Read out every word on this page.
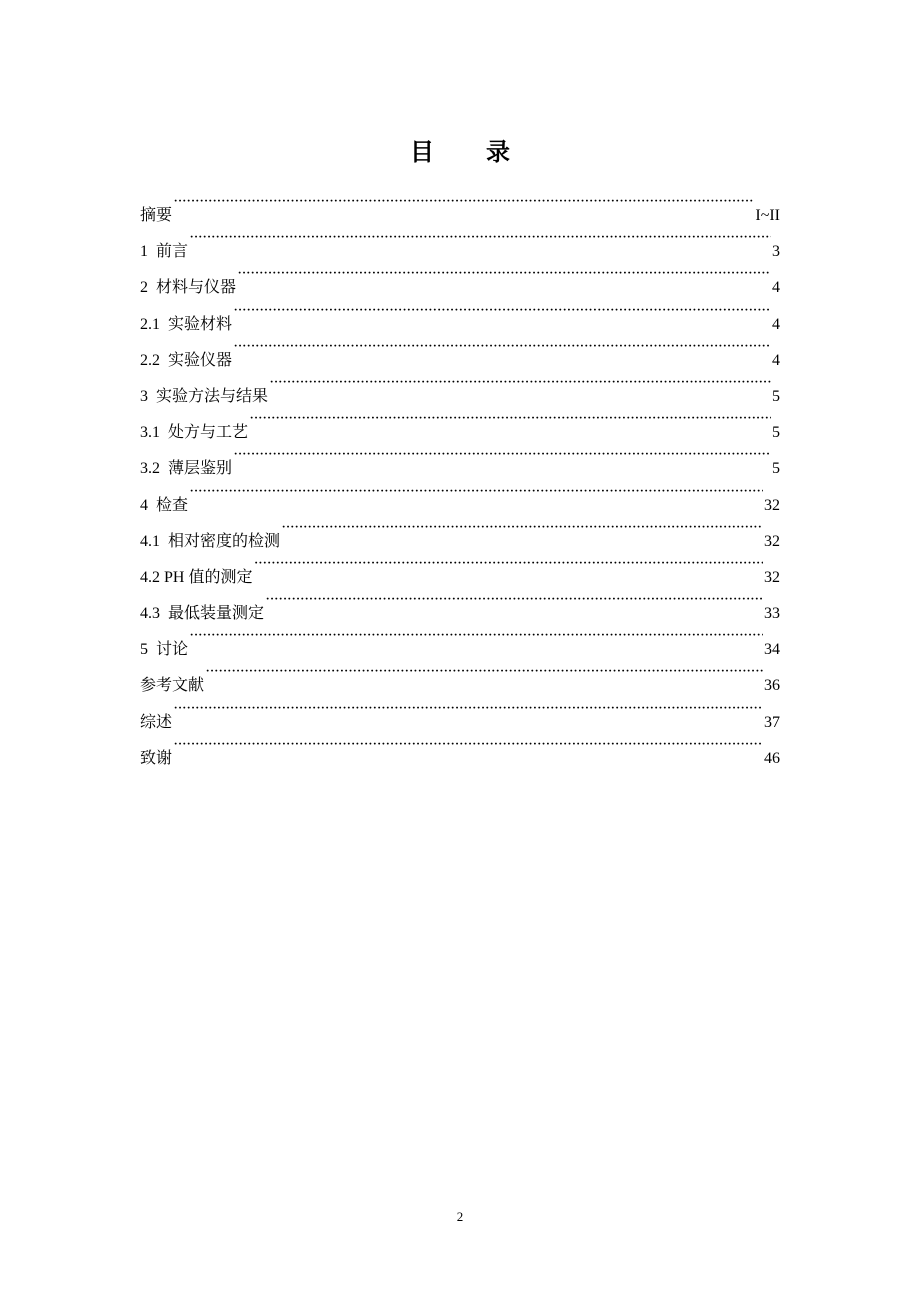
目 录
摘要 ·····	I~II
1 前言 ·····	3
2 材料与仪器 ·····	4
2.1 实验材料 ·····	4
2.2 实验仪器 ·····	4
3 实验方法与结果 ·····	5
3.1 处方与工艺 ·····	5
3.2 薄层鉴别 ·····	5
4 检查 ·····	32
4.1 相对密度的检测 ·····	32
4.2 PH 值的测定 ·····	32
4.3 最低装量测定 ·····	33
5 讨论 ·····	34
参考文献 ·····	36
综述 ·····	37
致谢 ·····	46
2
